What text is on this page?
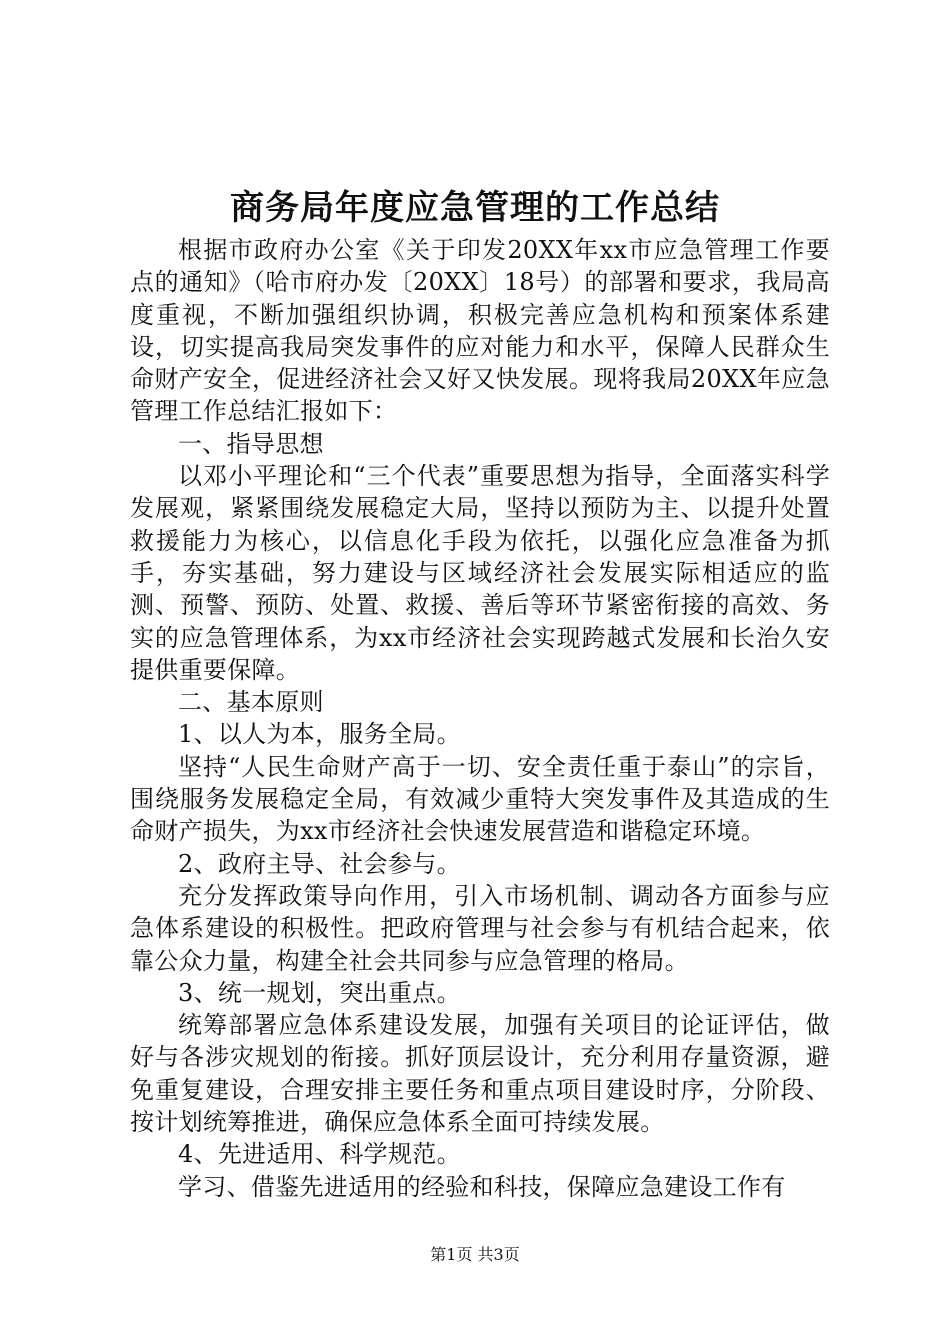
商务局年度应急管理的工作总结

根据市政府办公室《关于印发20XX年xx市应急管理工作要点的通知》（哈市府办发〔20XX〕18号）的部署和要求，我局高度重视，不断加强组织协调，积极完善应急机构和预案体系建设，切实提高我局突发事件的应对能力和水平，保障人民群众生命财产安全，促进经济社会又好又快发展。现将我局20XX年应急管理工作总结汇报如下：

一、指导思想

以邓小平理论和“三个代表”重要思想为指导，全面落实科学发展观，紧紧围绕发展稳定大局，坚持以预防为主、以提升处置救援能力为核心，以信息化手段为依托，以强化应急准备为抓手，夯实基础，努力建设与区域经济社会发展实际相适应的监测、预警、预防、处置、救援、善后等环节紧密衔接的高效、务实的应急管理体系，为xx市经济社会实现跨越式发展和长治久安提供重要保障。

二、基本原则

1、以人为本，服务全局。

坚持“人民生命财产高于一切、安全责任重于泰山”的宗旨，围绕服务发展稳定全局，有效减少重特大突发事件及其造成的生命财产损失，为xx市经济社会快速发展营造和谐稳定环境。

2、政府主导、社会参与。

充分发挥政策导向作用，引入市场机制、调动各方面参与应急体系建设的积极性。把政府管理与社会参与有机结合起来，依靠公众力量，构建全社会共同参与应急管理的格局。

3、统一规划，突出重点。

统筹部署应急体系建设发展，加强有关项目的论证评估，做好与各涉灾规划的衔接。抓好顶层设计，充分利用存量资源，避免重复建设，合理安排主要任务和重点项目建设时序，分阶段、按计划统筹推进，确保应急体系全面可持续发展。

4、先进适用、科学规范。

学习、借鉴先进适用的经验和科技，保障应急建设工作有

第1页 共3页
